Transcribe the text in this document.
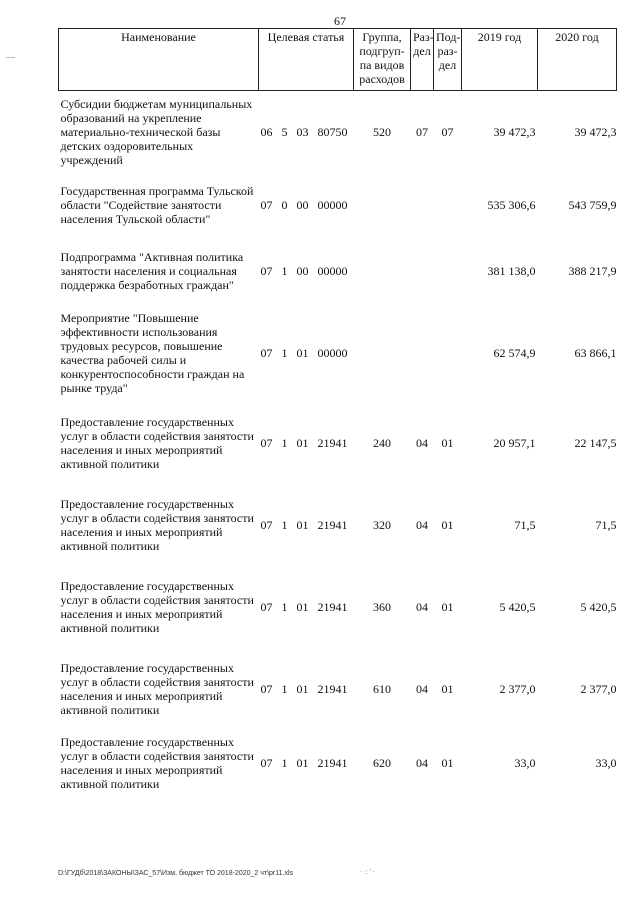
67
—
Наименование	Целевая статья	Группа, подгруп-па видов расходов	Раз-дел	Под-раз-дел	2019 год	2020 год
Субсидии бюджетам муниципальных образований на укрепление материально-технической базы детских оздоровительных учреждений	06 5 03 80750	520	07	07	39 472,3	39 472,3
Государственная программа Тульской области "Содействие занятости населения Тульской области"	07 0 00 00000				535 306,6	543 759,9
Подпрограмма "Активная политика занятости населения и социальная поддержка безработных граждан"	07 1 00 00000				381 138,0	388 217,9
Мероприятие "Повышение эффективности использования трудовых ресурсов, повышение качества рабочей силы и конкурентоспособности граждан на рынке труда"	07 1 01 00000				62 574,9	63 866,1
Предоставление государственных услуг в области содействия занятости населения и иных мероприятий активной политики	07 1 01 21941	240	04	01	20 957,1	22 147,5
Предоставление государственных услуг в области содействия занятости населения и иных мероприятий активной политики	07 1 01 21941	320	04	01	71,5	71,5
Предоставление государственных услуг в области содействия занятости населения и иных мероприятий активной политики	07 1 01 21941	360	04	01	5 420,5	5 420,5
Предоставление государственных услуг в области содействия занятости населения и иных мероприятий активной политики	07 1 01 21941	610	04	01	2 377,0	2 377,0
Предоставление государственных услуг в области содействия занятости населения и иных мероприятий активной политики	07 1 01 21941	620	04	01	33,0	33,0
D:\ГУДб\2018\ЗАКОНЫ\ЗАС_57\Изм. бюджет ТО 2018-2020_2 чт\pr11.xls	· :: ' ·
